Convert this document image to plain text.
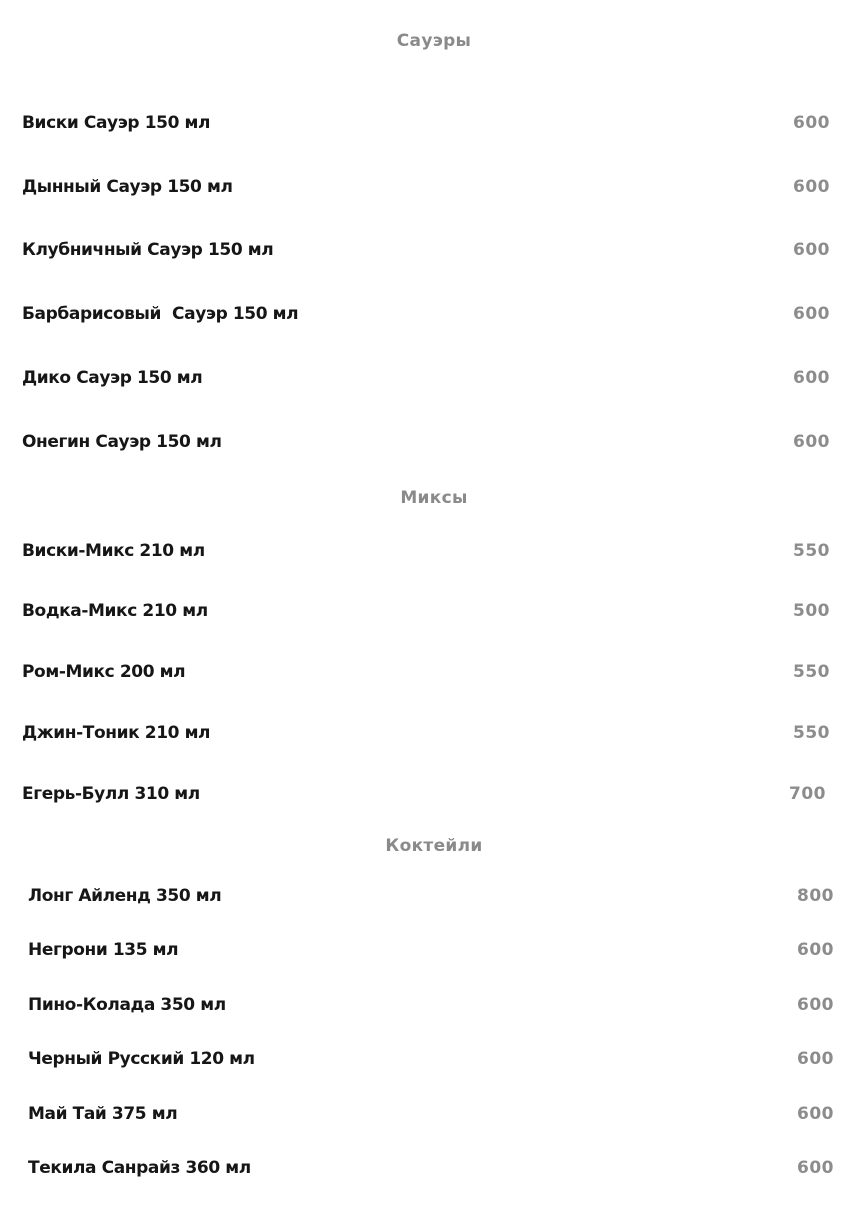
Сауэры
Виски Сауэр 150 мл	600
Дынный Сауэр 150 мл	600
Клубничный Сауэр 150 мл	600
Барбарисовый  Сауэр 150 мл	600
Дико Сауэр 150 мл	600
Онегин Сауэр 150 мл	600
Миксы
Виски-Микс 210 мл	550
Водка-Микс 210 мл	500
Ром-Микс 200 мл	550
Джин-Тоник 210 мл	550
Егерь-Булл 310 мл	700
Коктейли
Лонг Айленд 350 мл	800
Негрони 135 мл	600
Пино-Колада 350 мл	600
Черный Русский 120 мл	600
Май Тай 375 мл	600
Текила Санрайз 360 мл	600
